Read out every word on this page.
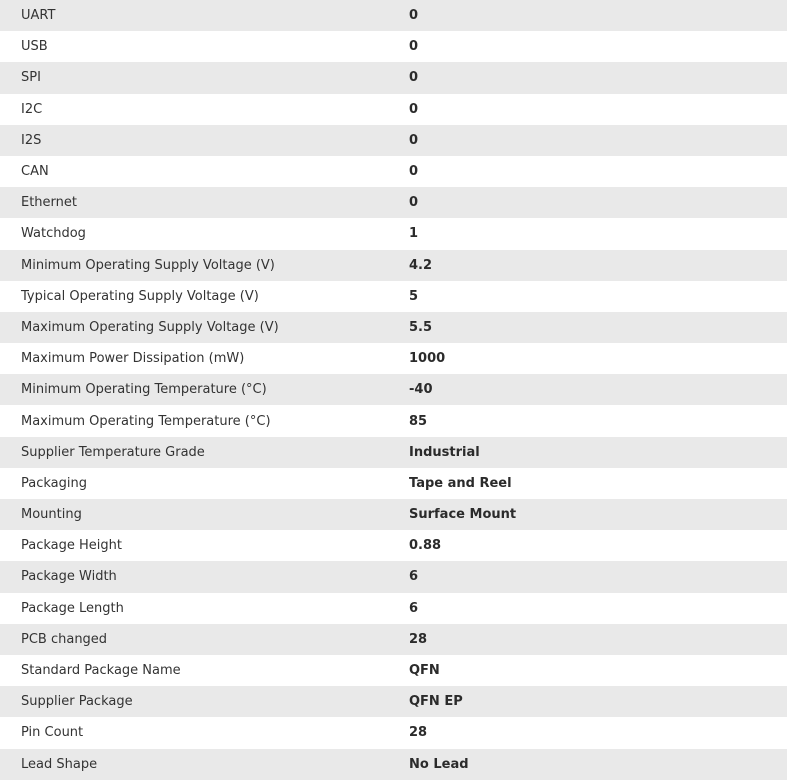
UART	0
USB	0
SPI	0
I2C	0
I2S	0
CAN	0
Ethernet	0
Watchdog	1
Minimum Operating Supply Voltage (V)	4.2
Typical Operating Supply Voltage (V)	5
Maximum Operating Supply Voltage (V)	5.5
Maximum Power Dissipation (mW)	1000
Minimum Operating Temperature (°C)	-40
Maximum Operating Temperature (°C)	85
Supplier Temperature Grade	Industrial
Packaging	Tape and Reel
Mounting	Surface Mount
Package Height	0.88
Package Width	6
Package Length	6
PCB changed	28
Standard Package Name	QFN
Supplier Package	QFN EP
Pin Count	28
Lead Shape	No Lead
